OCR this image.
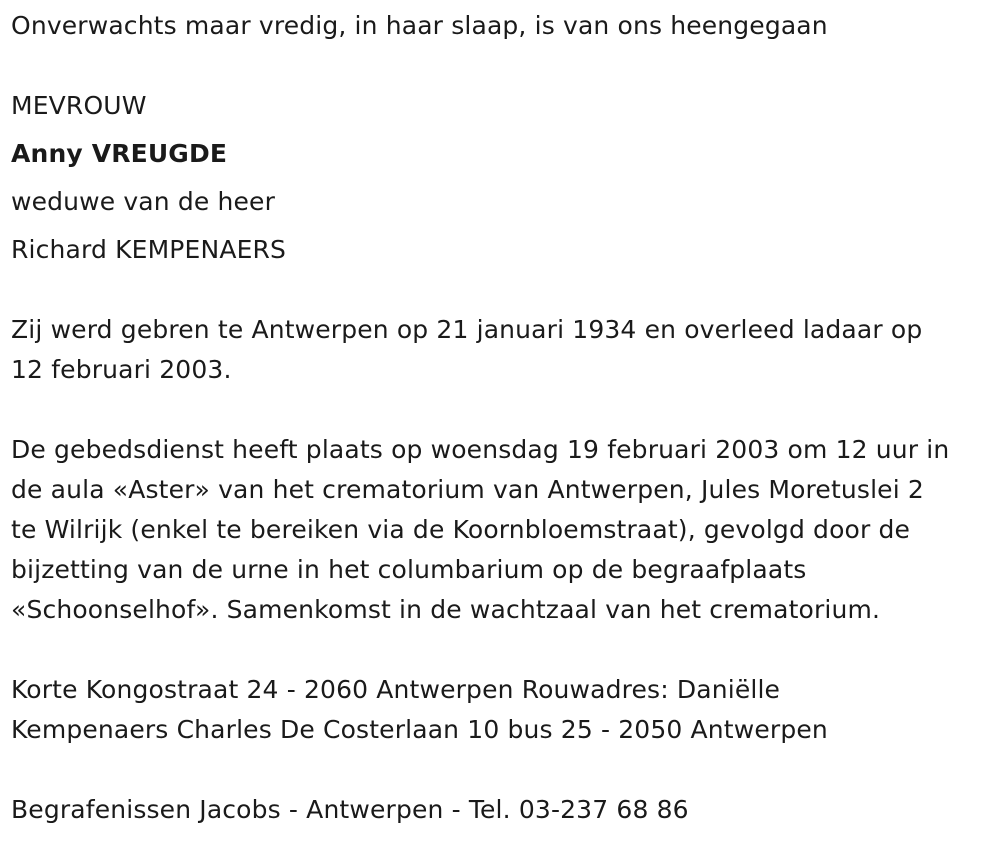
Onverwachts maar vredig, in haar slaap, is van ons heengegaan
MEVROUW
Anny VREUGDE
weduwe van de heer
Richard KEMPENAERS
Zij werd gebren te Antwerpen op 21 januari 1934 en overleed ladaar op
12 februari 2003.
De gebedsdienst heeft plaats op woensdag 19 februari 2003 om 12 uur in
de aula «Aster» van het crematorium van Antwerpen, Jules Moretuslei 2
te Wilrijk (enkel te bereiken via de Koornbloemstraat), gevolgd door de
bijzetting van de urne in het columbarium op de begraafplaats
«Schoonselhof». Samenkomst in de wachtzaal van het crematorium.
Korte Kongostraat 24 - 2060 Antwerpen Rouwadres: Daniëlle
Kempenaers Charles De Costerlaan 10 bus 25 - 2050 Antwerpen
Begrafenissen Jacobs - Antwerpen - Tel. 03-237 68 86
